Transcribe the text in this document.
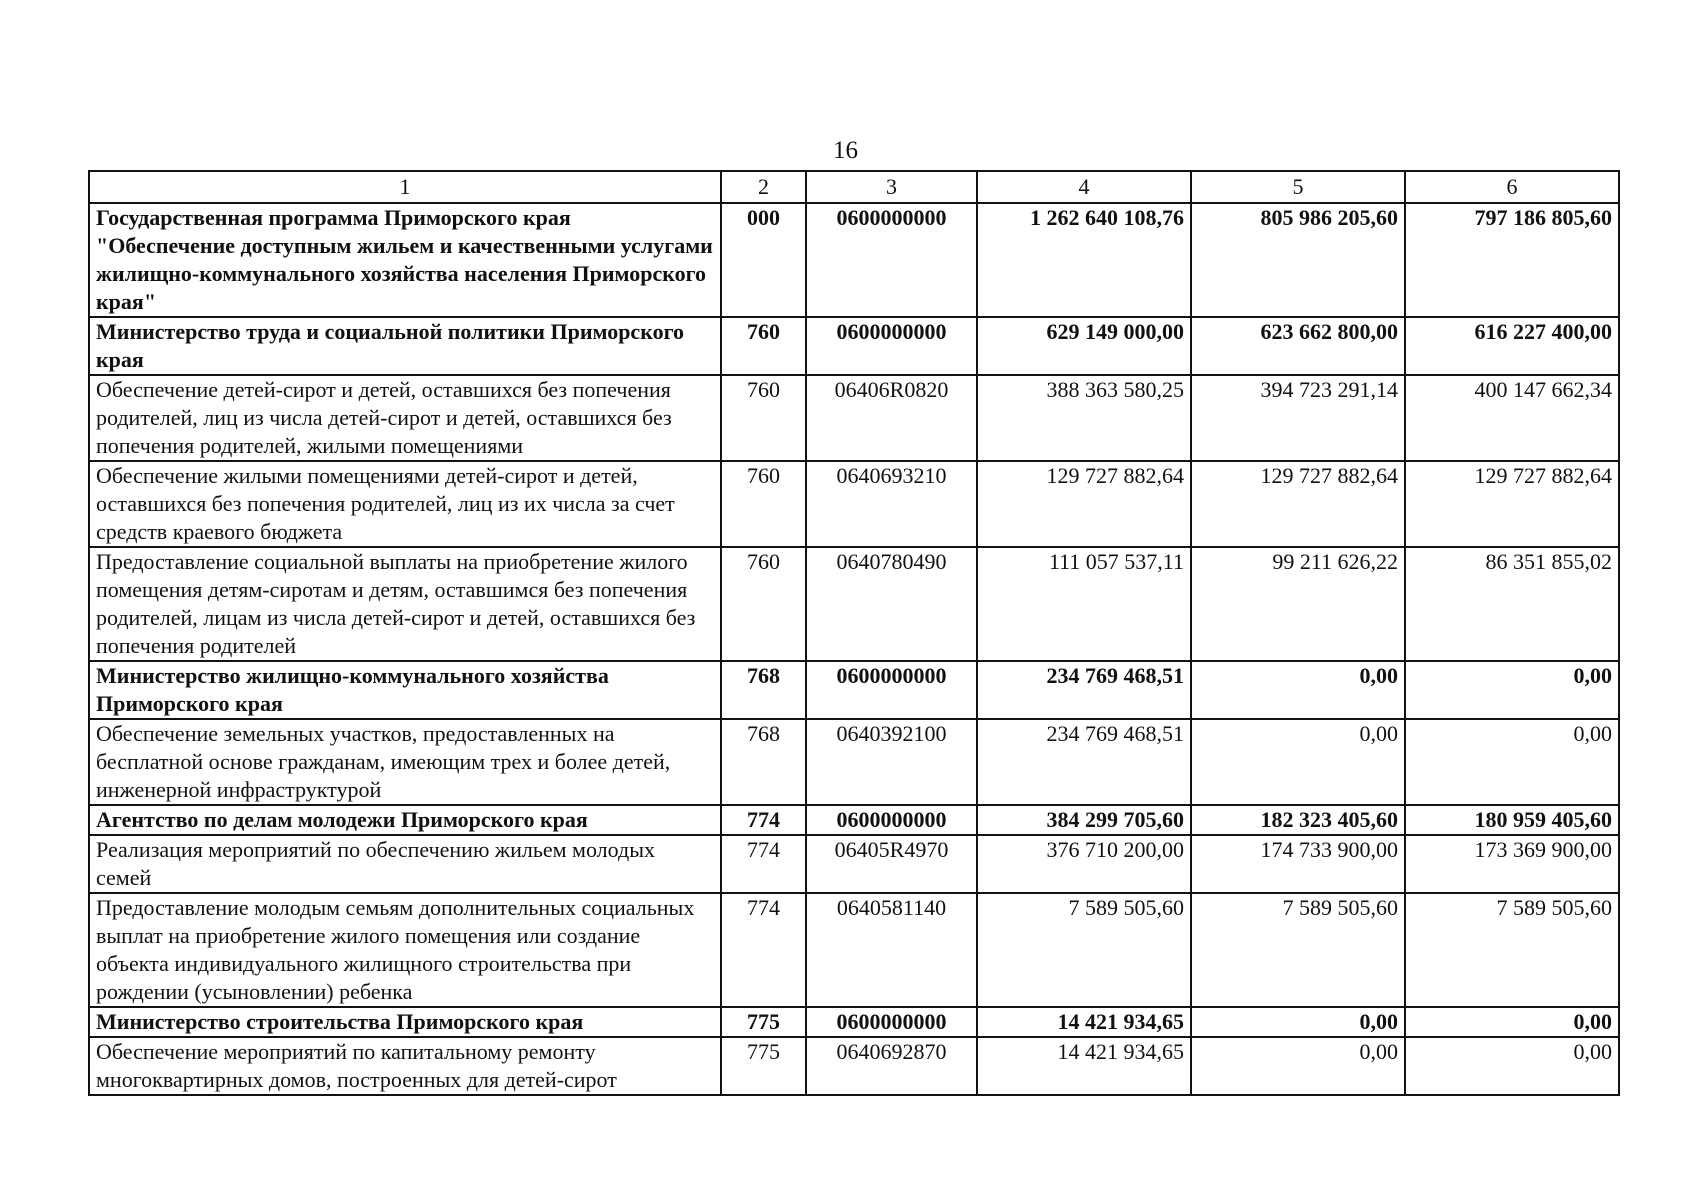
16
1	2	3	4	5	6
Государственная программа Приморского края "Обеспечение доступным жильем и качественными услугами жилищно-коммунального хозяйства населения Приморского края"	000	0600000000	1 262 640 108,76	805 986 205,60	797 186 805,60
Министерство труда и социальной политики Приморского края	760	0600000000	629 149 000,00	623 662 800,00	616 227 400,00
Обеспечение детей-сирот и детей, оставшихся без попечения родителей, лиц из числа детей-сирот и детей, оставшихся без попечения родителей, жилыми помещениями	760	06406R0820	388 363 580,25	394 723 291,14	400 147 662,34
Обеспечение жилыми помещениями детей-сирот и детей, оставшихся без попечения родителей, лиц из их числа за счет средств краевого бюджета	760	0640693210	129 727 882,64	129 727 882,64	129 727 882,64
Предоставление социальной выплаты на приобретение жилого помещения детям-сиротам и детям, оставшимся без попечения родителей, лицам из числа детей-сирот и детей, оставшихся без попечения родителей	760	0640780490	111 057 537,11	99 211 626,22	86 351 855,02
Министерство жилищно-коммунального хозяйства Приморского края	768	0600000000	234 769 468,51	0,00	0,00
Обеспечение земельных участков, предоставленных на бесплатной основе гражданам, имеющим трех и более детей, инженерной инфраструктурой	768	0640392100	234 769 468,51	0,00	0,00
Агентство по делам молодежи Приморского края	774	0600000000	384 299 705,60	182 323 405,60	180 959 405,60
Реализация мероприятий по обеспечению жильем молодых семей	774	06405R4970	376 710 200,00	174 733 900,00	173 369 900,00
Предоставление молодым семьям дополнительных социальных выплат на приобретение жилого помещения или создание объекта индивидуального жилищного строительства при рождении (усыновлении) ребенка	774	0640581140	7 589 505,60	7 589 505,60	7 589 505,60
Министерство строительства Приморского края	775	0600000000	14 421 934,65	0,00	0,00
Обеспечение мероприятий по капитальному ремонту многоквартирных домов, построенных для детей-сирот	775	0640692870	14 421 934,65	0,00	0,00
